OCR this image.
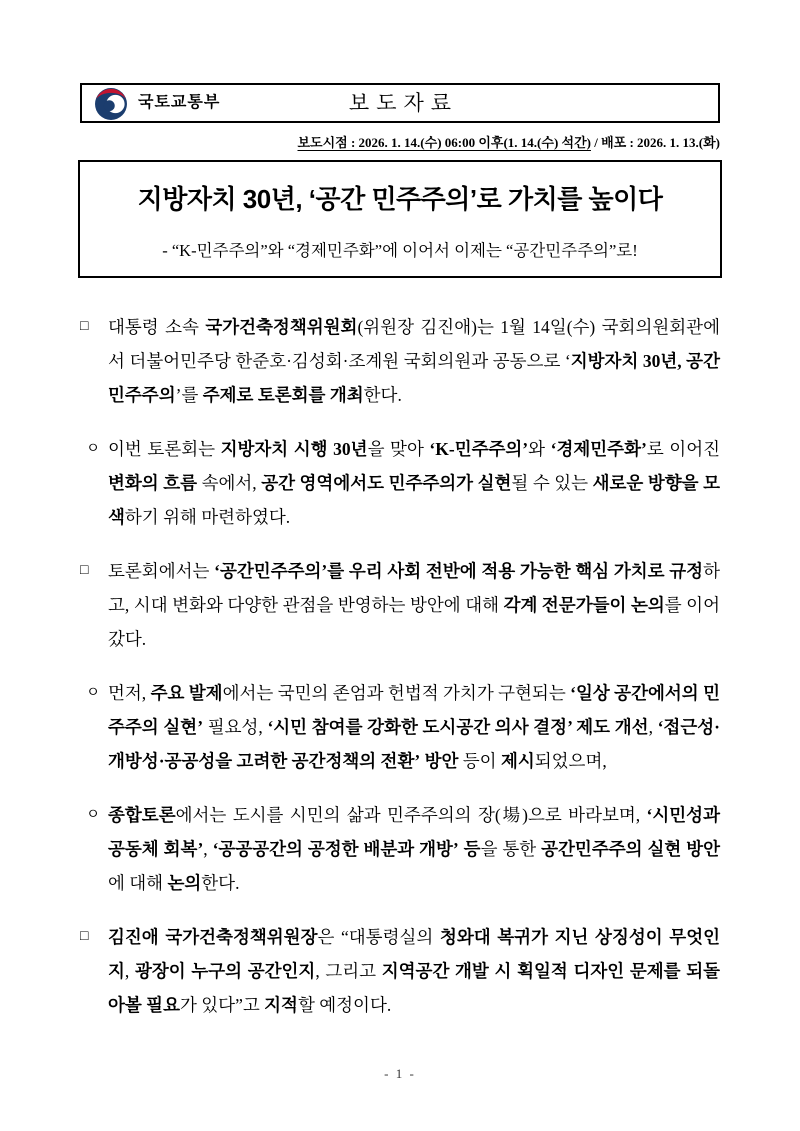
국토교통부	보도자료
보도시점 : 2026. 1. 14.(수) 06:00 이후(1. 14.(수) 석간) / 배포 : 2026. 1. 13.(화)
지방자치 30년, ‘공간 민주주의’로 가치를 높이다
- “K-민주주의”와 “경제민주화”에 이어서 이제는 “공간민주주의”로!
□	대통령 소속 국가건축정책위원회(위원장 김진애)는 1월 14일(수) 국회의원회관에서 더불어민주당 한준호·김성회·조계원 국회의원과 공동으로 ‘지방자치 30년, 공간민주주의’를 주제로 토론회를 개최한다.
ㅇ 이번 토론회는 지방자치 시행 30년을 맞아 ‘K-민주주의’와 ‘경제민주화’로 이어진 변화의 흐름 속에서, 공간 영역에서도 민주주의가 실현될 수 있는 새로운 방향을 모색하기 위해 마련하였다.
□	토론회에서는 ‘공간민주주의’를 우리 사회 전반에 적용 가능한 핵심 가치로 규정하고, 시대 변화와 다양한 관점을 반영하는 방안에 대해 각계 전문가들이 논의를 이어갔다.
ㅇ 먼저, 주요 발제에서는 국민의 존엄과 헌법적 가치가 구현되는 ‘일상 공간에서의 민주주의 실현’ 필요성, ‘시민 참여를 강화한 도시공간 의사 결정’ 제도 개선, ‘접근성·개방성·공공성을 고려한 공간정책의 전환’ 방안 등이 제시되었으며,
ㅇ 종합토론에서는 도시를 시민의 삶과 민주주의의 장(場)으로 바라보며, ‘시민성과 공동체 회복’, ‘공공공간의 공정한 배분과 개방’ 등을 통한 공간민주주의 실현 방안에 대해 논의한다.
□	김진애 국가건축정책위원장은 “대통령실의 청와대 복귀가 지닌 상징성이 무엇인지, 광장이 누구의 공간인지, 그리고 지역공간 개발 시 획일적 디자인 문제를 되돌아볼 필요가 있다”고 지적할 예정이다.
- 1 -
